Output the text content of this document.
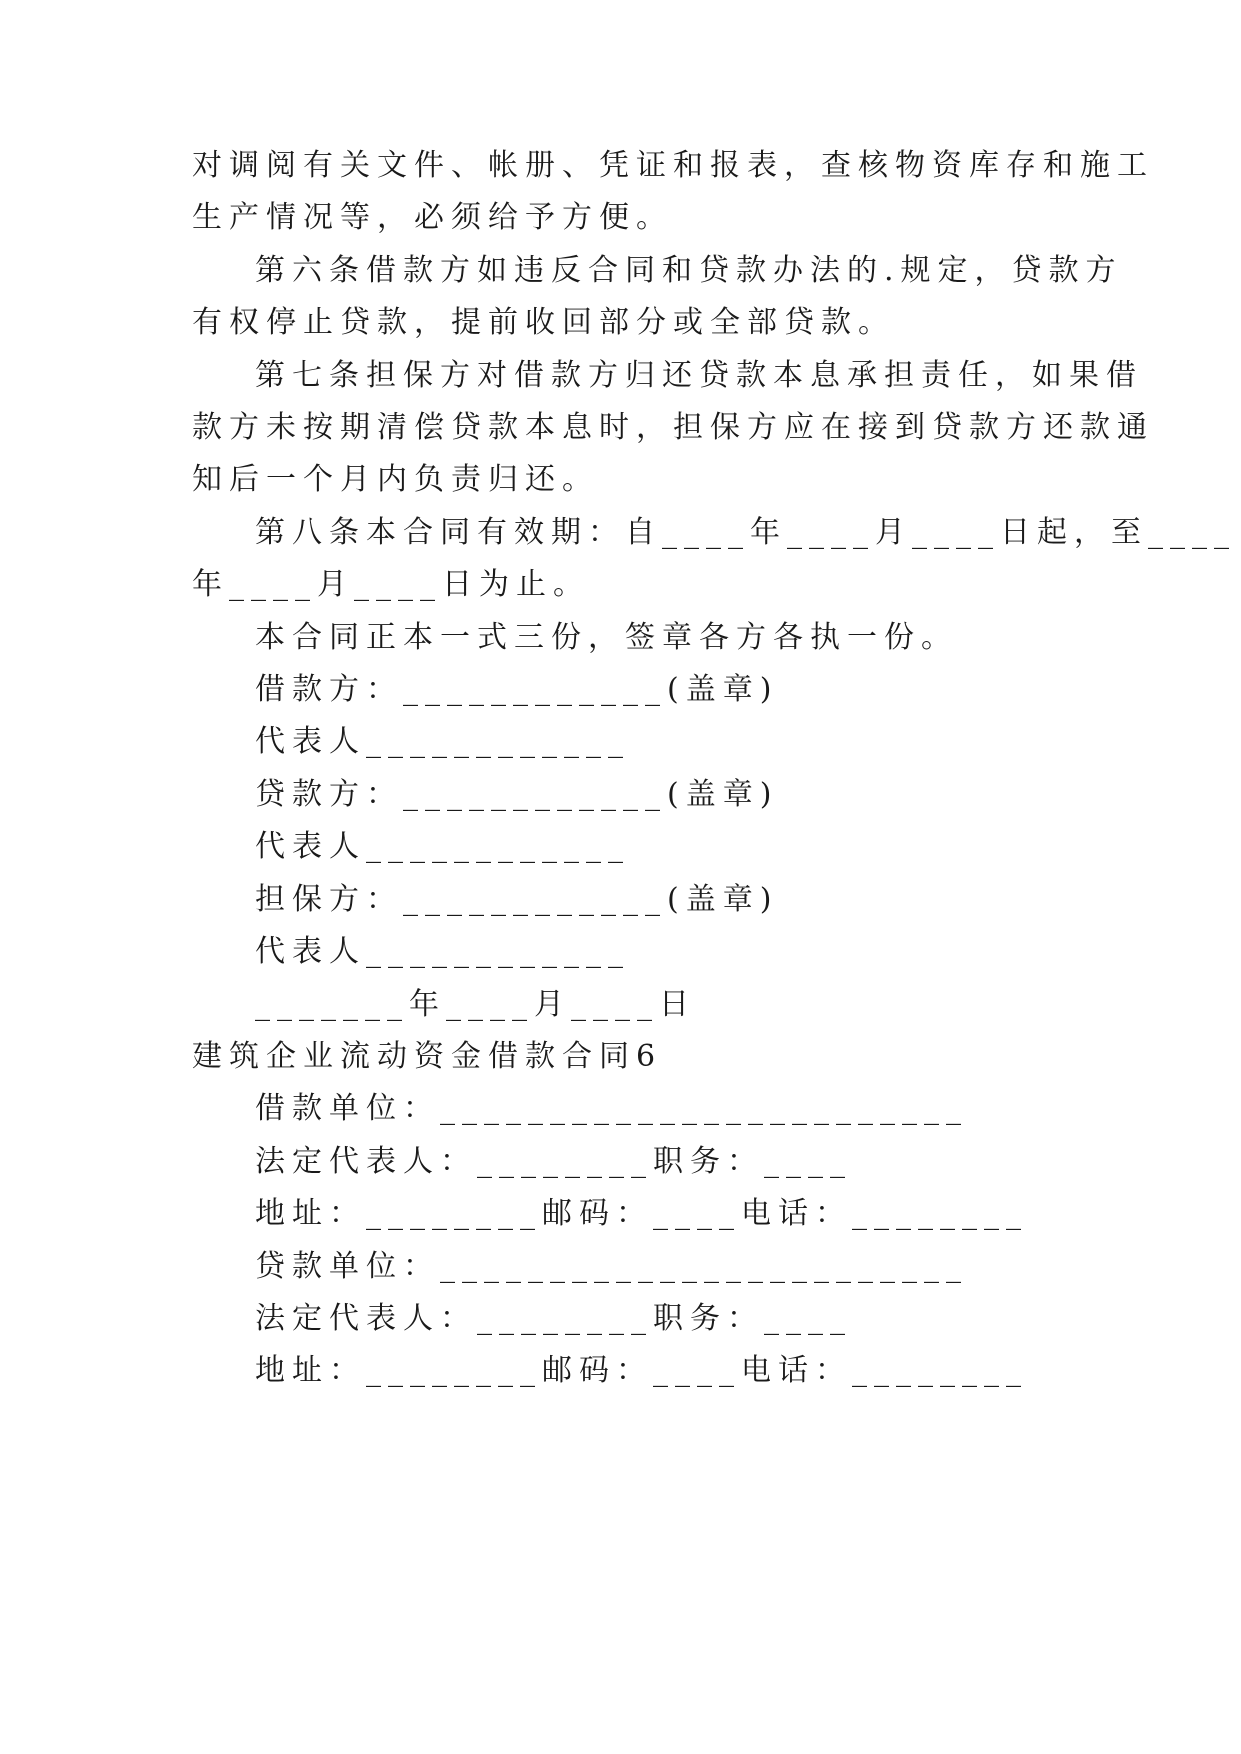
对调阅有关文件、帐册、凭证和报表，查核物资库存和施工
生产情况等，必须给予方便。
第六条借款方如违反合同和贷款办法的.规定，贷款方
有权停止贷款，提前收回部分或全部贷款。
第七条担保方对借款方归还贷款本息承担责任，如果借
款方未按期清偿贷款本息时，担保方应在接到贷款方还款通
知后一个月内负责归还。
第八条本合同有效期：自____年____月____日起，至____
年____月____日为止。
本合同正本一式三份，签章各方各执一份。
借款方：____________(盖章)
代表人____________
贷款方：____________(盖章)
代表人____________
担保方：____________(盖章)
代表人____________
_______年____月____日
建筑企业流动资金借款合同6
借款单位：________________________
法定代表人：________职务：____
地址：________邮码：____电话：________
贷款单位：________________________
法定代表人：________职务：____
地址：________邮码：____电话：________
